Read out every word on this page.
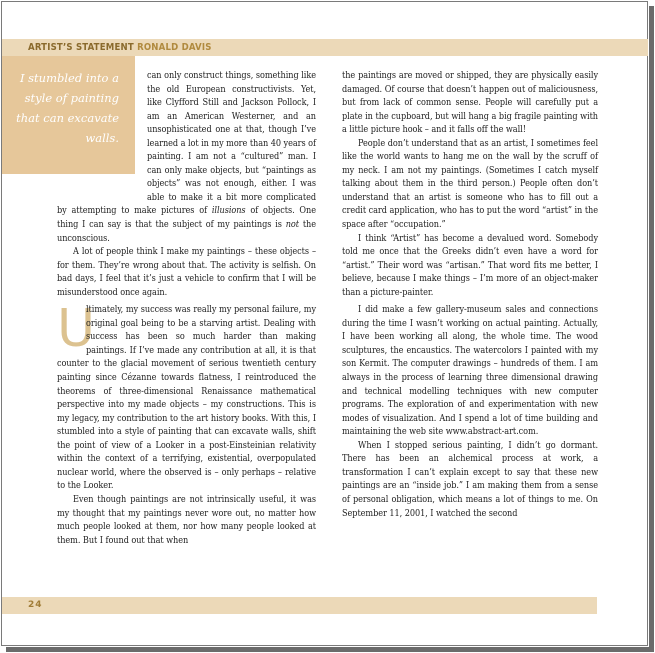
ARTIST’S STATEMENT RONALD DAVIS
I stumbled into a style of painting that can excavate walls.

can only construct things, something like the old European constructivists. Yet, like Clyfford Still and Jackson Pollock, I am an American Westerner, and an unsophisticated one at that, though I’ve learned a lot in my more than 40 years of painting. I am not a “cultured” man. I can only make objects, but “paintings as objects” was not enough, either. I was able to make it a bit more complicated by attempting to make pictures of illusions of objects. One thing I can say is that the subject of my paintings is not the unconscious.

A lot of people think I make my paintings – these objects – for them. They’re wrong about that. The activity is selfish. On bad days, I feel that it’s just a vehicle to confirm that I will be misunderstood once again.

U
ltimately, my success was really my personal failure, my original goal being to be a starving artist. Dealing with success has been so much harder than making paintings. If I’ve made any contribution at all, it is that counter to the glacial movement of serious twentieth century painting since Cézanne towards flatness, I reintroduced the theorems of three-dimensional Renaissance mathematical perspective into my made objects – my constructions. This is my legacy, my contribution to the art history books. With this, I stumbled into a style of painting that can excavate walls, shift the point of view of a Looker in a post-Einsteinian relativity within the context of a terrifying, existential, overpopulated nuclear world, where the observed is – only perhaps – relative to the Looker.

Even though paintings are not intrinsically useful, it was my thought that my paintings never wore out, no matter how much people looked at them, nor how many people looked at them. But I found out that when

the paintings are moved or shipped, they are physically easily damaged. Of course that doesn’t happen out of maliciousness, but from lack of common sense. People will carefully put a plate in the cupboard, but will hang a big fragile painting with a little picture hook – and it falls off the wall!

People don’t understand that as an artist, I sometimes feel like the world wants to hang me on the wall by the scruff of my neck. I am not my paintings. (Sometimes I catch myself talking about them in the third person.) People often don’t understand that an artist is someone who has to fill out a credit card application, who has to put the word “artist” in the space after “occupation.”

I think “Artist” has become a devalued word. Somebody told me once that the Greeks didn’t even have a word for “artist.” Their word was “artisan.” That word fits me better, I believe, because I make things – I’m more of an object-maker than a picture-painter.

I did make a few gallery-museum sales and connections during the time I wasn’t working on actual painting. Actually, I have been working all along, the whole time. The wood sculptures, the encaustics. The watercolors I painted with my son Kermit. The computer drawings – hundreds of them. I am always in the process of learning three dimensional drawing and technical modelling techniques with new computer programs. The exploration of and experimentation with new modes of visualization. And I spend a lot of time building and maintaining the web site www.abstract-art.com.

When I stopped serious painting, I didn’t go dormant. There has been an alchemical process at work, a transformation I can’t explain except to say that these new paintings are an “inside job.” I am making them from a sense of personal obligation, which means a lot of things to me. On September 11, 2001, I watched the second

24
